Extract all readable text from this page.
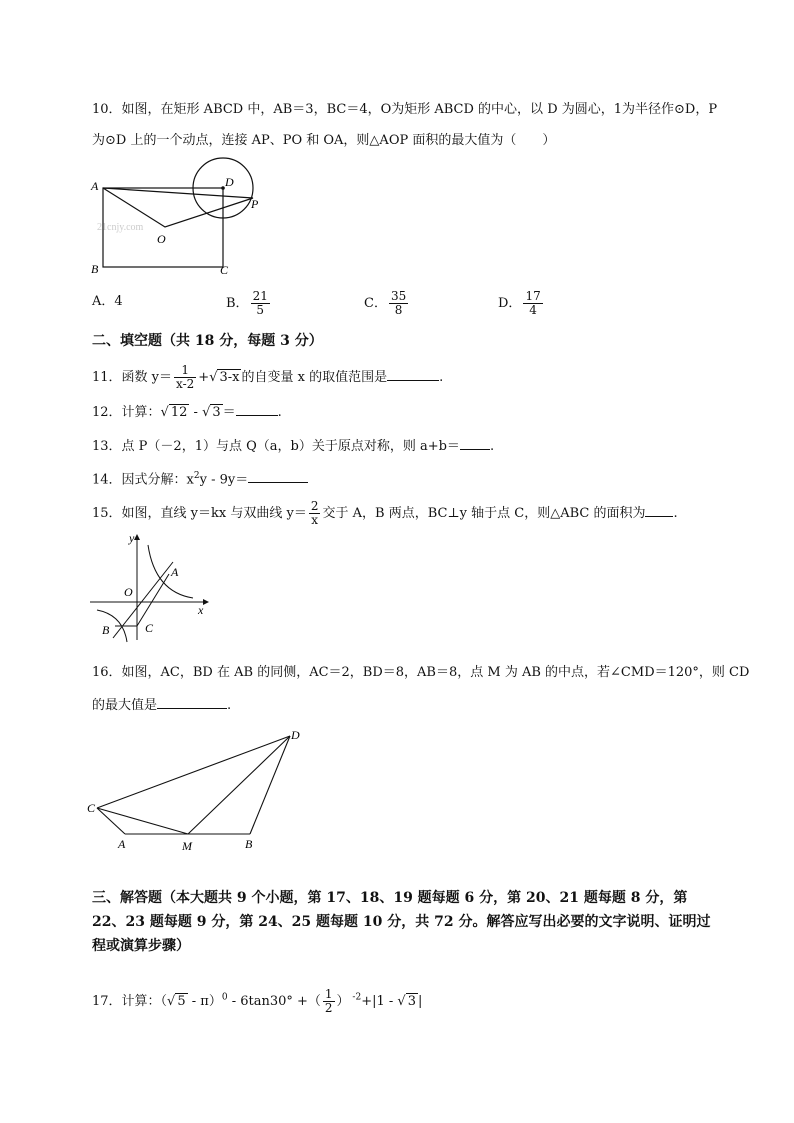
10．如图，在矩形 ABCD 中，AB＝3，BC＝4，O为矩形 ABCD 的中心，以 D 为圆心，1为半径作⊙D，P
为⊙D 上的一个动点，连接 AP、PO 和 OA，则△AOP 面积的最大值为（　　）
21cnjy.com
A	D
P
O
B	C
A．4	B． $\frac{21}{5}$	C． $\frac{35}{8}$	D． $\frac{17}{4}$
二、填空题（共 18 分，每题 3 分）
11．函数 $y= \frac{1}{x-2}$ +√ 3-x 的自变量 x 的取值范围是	.
12．计算：√ 12 - √ 3 ＝	.
13．点 P（－2，1）与点 Q（a，b）关于原点对称，则 a+b＝ .
14．因式分解：$x^2y - 9y=$
15．如图，直线 y＝kx 与双曲线 $y= \frac{2}{x}$ 交于 A，B 两点，BC⊥y 轴于点 C，则△ABC 的面积为 .
y
A
O
x
B	C
16．如图，AC，BD 在 AB 的同侧，AC＝2，BD＝8，AB＝8，点 M 为 AB 的中点，若∠CMD＝120°，则 CD
的最大值是	.
D
C
A	M	B
三、解答题（本大题共 9 个小题，第 17、18、19 题每题 6 分，第 20、21 题每题 8 分，第 22、23 题每题 9 分，第 24、25 题每题 10 分，共 72 分。解答应写出必要的文字说明、证明过程或演算步骤）
17．计算：（√ 5 - π）$^0$ - 6tan30° +（ $\frac{1}{2}$ ） $^{-2}$+|1 - √ 3 |
